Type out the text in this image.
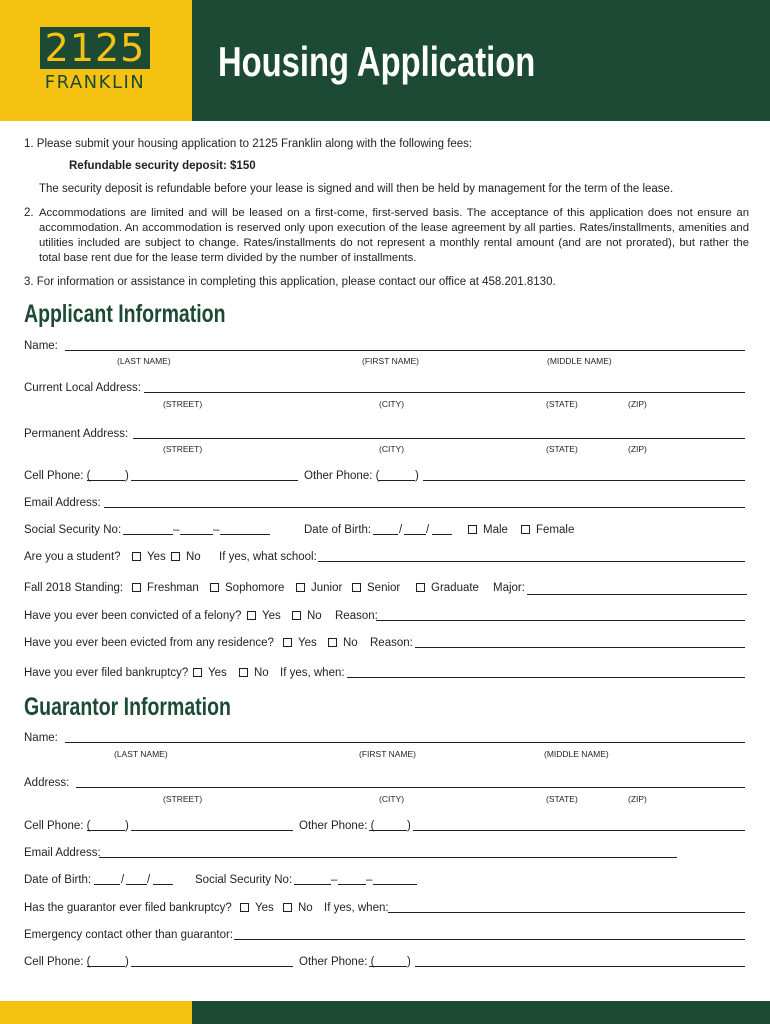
2125
FRANKLIN Housing Application
1. Please submit your housing application to 2125 Franklin along with the following fees:
Refundable security deposit: $150
The security deposit is refundable before your lease is signed and will then be held by management for the term of the lease.
2. Accommodations are limited and will be leased on a first-come, first-served basis. The acceptance of this application does not ensure an accommodation. An accommodation is reserved only upon execution of the lease agreement by all parties. Rates/installments, amenities and utilities included are subject to change. Rates/installments do not represent a monthly rental amount (and are not prorated), but rather the total base rent due for the lease term divided by the number of installments.
3. For information or assistance in completing this application, please contact our office at 458.201.8130.
Applicant Information
Name:
(LAST NAME)	(FIRST NAME)	(MIDDLE NAME)
Current Local Address:
(STREET)	(CITY)	(STATE)	(ZIP)
Permanent Address:
(STREET)	(CITY)	(STATE)	(ZIP)
Cell Phone: (	)	Other Phone: (	)
Email Address:
Social Security No:	–	–	Date of Birth: / /	Male Female
Are you a student? Yes No If yes, what school:
Fall 2018 Standing: Freshman Sophomore Junior Senior	Graduate Major:
Have you ever been convicted of a felony? Yes No Reason:
Have you ever been evicted from any residence? Yes No Reason:
Have you ever filed bankruptcy? Yes No If yes, when:
Guarantor Information
Name:
(LAST NAME)	(FIRST NAME)	(MIDDLE NAME)
Address:
(STREET)	(CITY)	(STATE)	(ZIP)
Cell Phone: (	)	Other Phone: (	)
Email Address:
Date of Birth:	/ /	Social Security No:	– –
Has the guarantor ever filed bankruptcy? Yes No If yes, when:
Emergency contact other than guarantor:
Cell Phone: (	)	Other Phone: (	)
